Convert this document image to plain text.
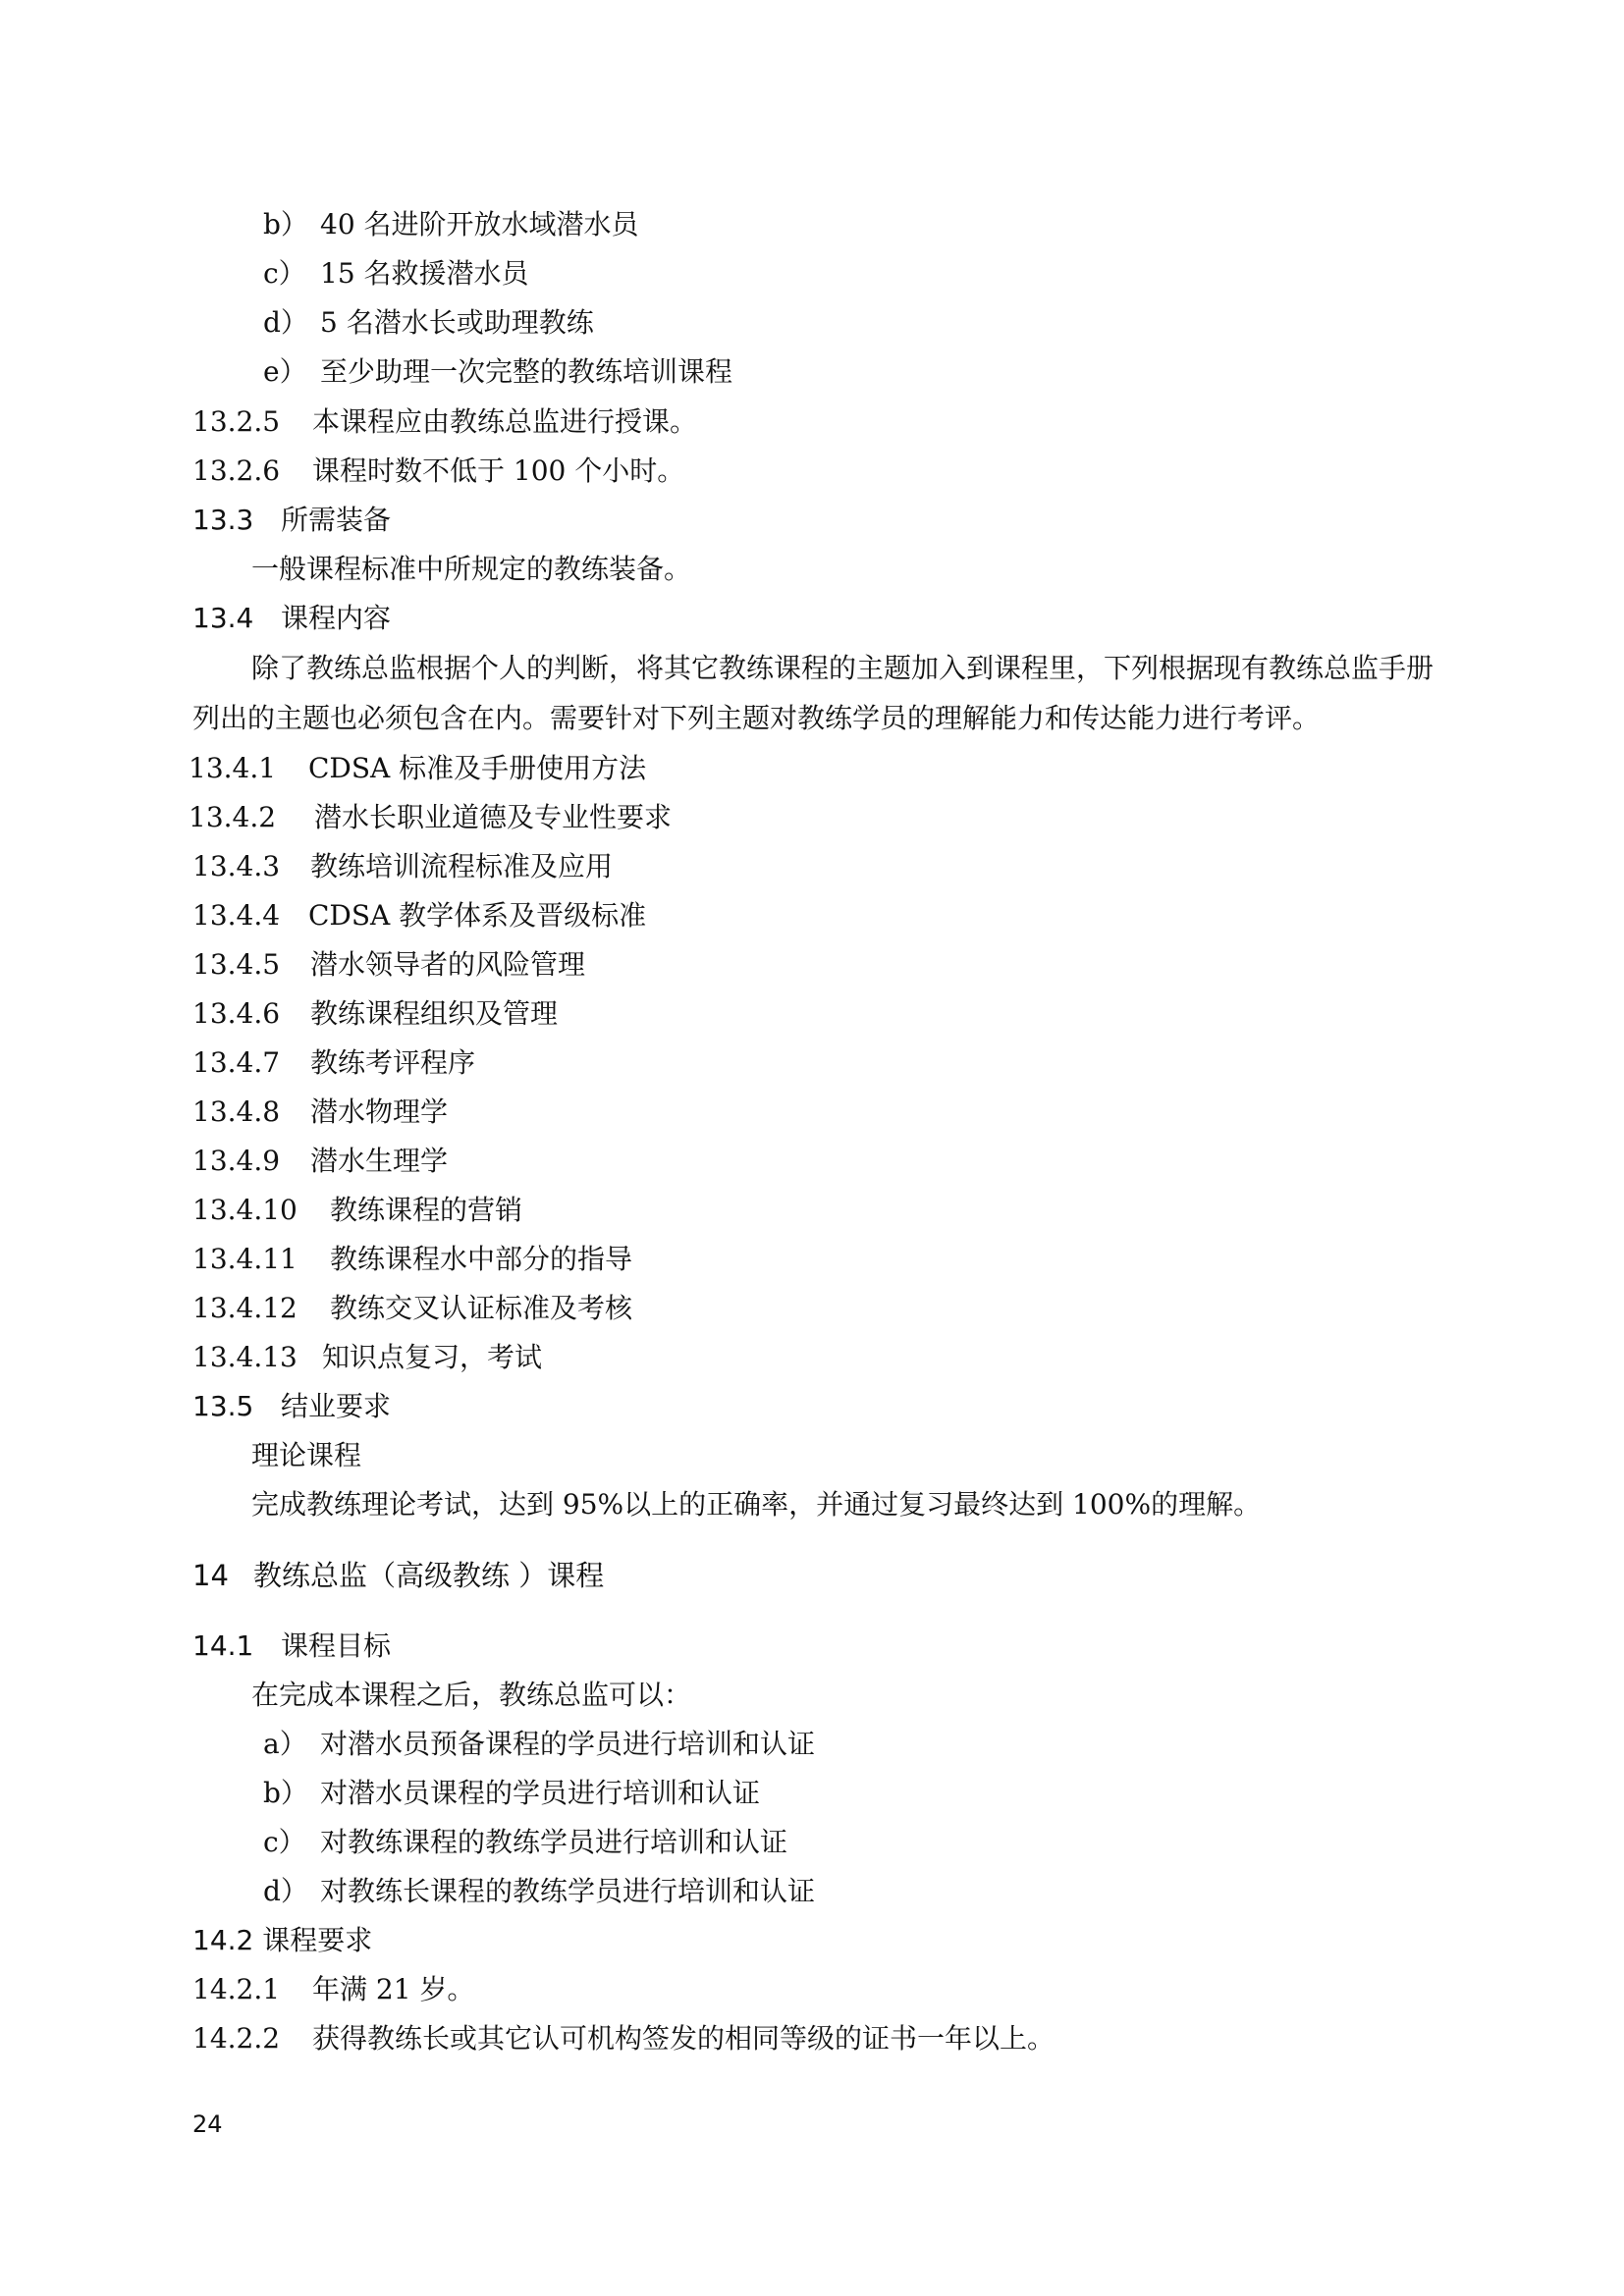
b） 40 名进阶开放水域潜水员
c） 15 名救援潜水员
d） 5 名潜水长或助理教练
e） 至少助理一次完整的教练培训课程
13.2.5 本课程应由教练总监进行授课。
13.2.6 课程时数不低于 100 个小时。
13.3 所需装备
一般课程标准中所规定的教练装备。
13.4 课程内容
除了教练总监根据个人的判断，将其它教练课程的主题加入到课程里，下列根据现有教练总监手册
列出的主题也必须包含在内。需要针对下列主题对教练学员的理解能力和传达能力进行考评。
13.4.1 CDSA 标准及手册使用方法
13.4.2 潜水长职业道德及专业性要求
13.4.3 教练培训流程标准及应用
13.4.4 CDSA 教学体系及晋级标准
13.4.5 潜水领导者的风险管理
13.4.6 教练课程组织及管理
13.4.7 教练考评程序
13.4.8 潜水物理学
13.4.9 潜水生理学
13.4.10 教练课程的营销
13.4.11 教练课程水中部分的指导
13.4.12 教练交叉认证标准及考核
13.4.13 知识点复习，考试
13.5 结业要求
理论课程
完成教练理论考试，达到 95%以上的正确率，并通过复习最终达到 100%的理解。
14 教练总监（高级教练 ）课程
14.1 课程目标
在完成本课程之后，教练总监可以：
a） 对潜水员预备课程的学员进行培训和认证
b） 对潜水员课程的学员进行培训和认证
c） 对教练课程的教练学员进行培训和认证
d） 对教练长课程的教练学员进行培训和认证
14.2 课程要求
14.2.1 年满 21 岁。
14.2.2 获得教练长或其它认可机构签发的相同等级的证书一年以上。
24
